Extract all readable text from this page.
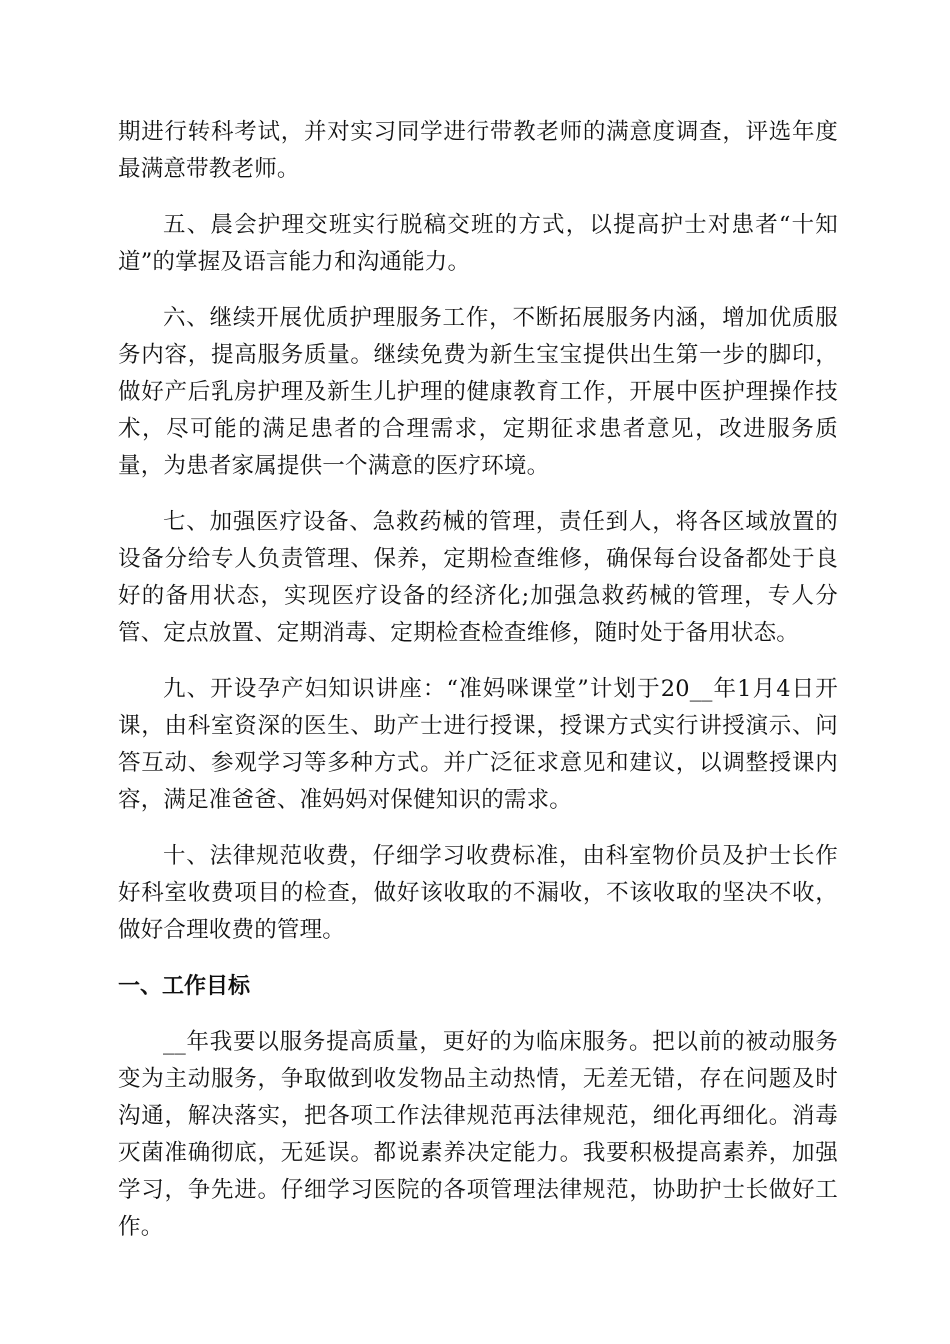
期进行转科考试，并对实习同学进行带教老师的满意度调查，评选年度最满意带教老师。

五、晨会护理交班实行脱稿交班的方式，以提高护士对患者“十知道”的掌握及语言能力和沟通能力。

六、继续开展优质护理服务工作，不断拓展服务内涵，增加优质服务内容，提高服务质量。继续免费为新生宝宝提供出生第一步的脚印，做好产后乳房护理及新生儿护理的健康教育工作，开展中医护理操作技术，尽可能的满足患者的合理需求，定期征求患者意见，改进服务质量，为患者家属提供一个满意的医疗环境。

七、加强医疗设备、急救药械的管理，责任到人，将各区域放置的设备分给专人负责管理、保养，定期检查维修，确保每台设备都处于良好的备用状态，实现医疗设备的经济化;加强急救药械的管理，专人分管、定点放置、定期消毒、定期检查检查维修，随时处于备用状态。

九、开设孕产妇知识讲座：“准妈咪课堂”计划于20__年1月4日开课，由科室资深的医生、助产士进行授课，授课方式实行讲授演示、问答互动、参观学习等多种方式。并广泛征求意见和建议，以调整授课内容，满足准爸爸、准妈妈对保健知识的需求。

十、法律规范收费，仔细学习收费标准，由科室物价员及护士长作好科室收费项目的检查，做好该收取的不漏收，不该收取的坚决不收，做好合理收费的管理。

一、工作目标

__年我要以服务提高质量，更好的为临床服务。把以前的被动服务变为主动服务，争取做到收发物品主动热情，无差无错，存在问题及时沟通，解决落实，把各项工作法律规范再法律规范，细化再细化。消毒灭菌准确彻底，无延误。都说素养决定能力。我要积极提高素养，加强学习，争先进。仔细学习医院的各项管理法律规范，协助护士长做好工作。
